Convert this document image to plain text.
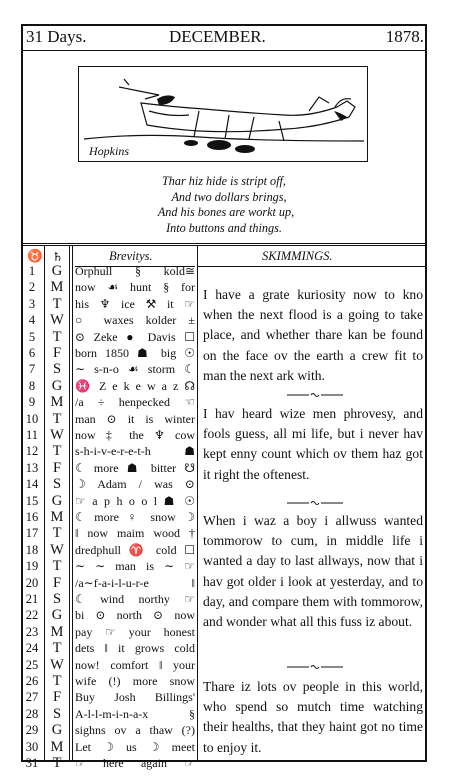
31 Days.	DECEMBER.	1878.
Hopkins
Thar hiz hide is stript off,
And two dollars brings,
And his bones are workt up,
Into buttons and things.
♉ ♄	Brevitys.	SKIMMINGS.
1	G	Orphull § kold≅
2	M now ☙ hunt § for
3	T	his ♆ ice ⚒ it ☞
4	W ○ waxes kolder ±
5	T	⊙ Zeke ● Davis ☐
6	F	born 1850 ☗ big ☉
7	S	∼ s-n-o ☙ storm ☾
8	G	♓ Z e k e w a z ☊
9	M /a ÷ henpecked ☜
10 T	man ⊙ it is winter
11 W now ‡ the ♆ cow
12 T	s-h-i-v-e-r-e-t-h ☗
13	F	☾ more ☗ bitter ☋
14	S	☽ Adam / was ⊙
15 G	☞ a p h o o l ☗ ☉
16 M ☾ more ♀ snow ☽
17 T	‖ now maim wood †
18 W dredphull ♈ cold ☐
19 T	∼ ∼ man is ∼ ☞
20	F	/a∼f-a-i-l-u-r-e ‖
21	S	☾ wind northy ☞
22 G	bi ⊙ north ⊙ now
23 M pay ☞ your honest
24 T	dets ‖ it grows cold
25 W now! comfort ‖ your
26 T	wife (!) more snow
27	F	Buy Josh Billings'
28	S	A-l-l-m-i-n-a-x §
29 G	sighns ov a thaw (?)
30 M Let ☽ us ☽ meet
31 T	☞ here again ☞
I have a grate kuriosity now to kno when the next flood is a going to take place, and whether thare kan be found on the face ov the earth a crew fit to man the next ark with.
I hav heard wize men phrovesy, and fools guess, all mi life, but i never hav kept enny count which ov them haz got it right the oftenest.
When i waz a boy i allwuss wanted tommorow to cum, in middle life i wanted a day to last allways, now that i hav got older i look at yesterday, and to day, and compare them with tommorow, and wonder what all this fuss iz about.
Thare iz lots ov people in this world, who spend so mutch time watching their healths, that they haint got no time to enjoy it.
